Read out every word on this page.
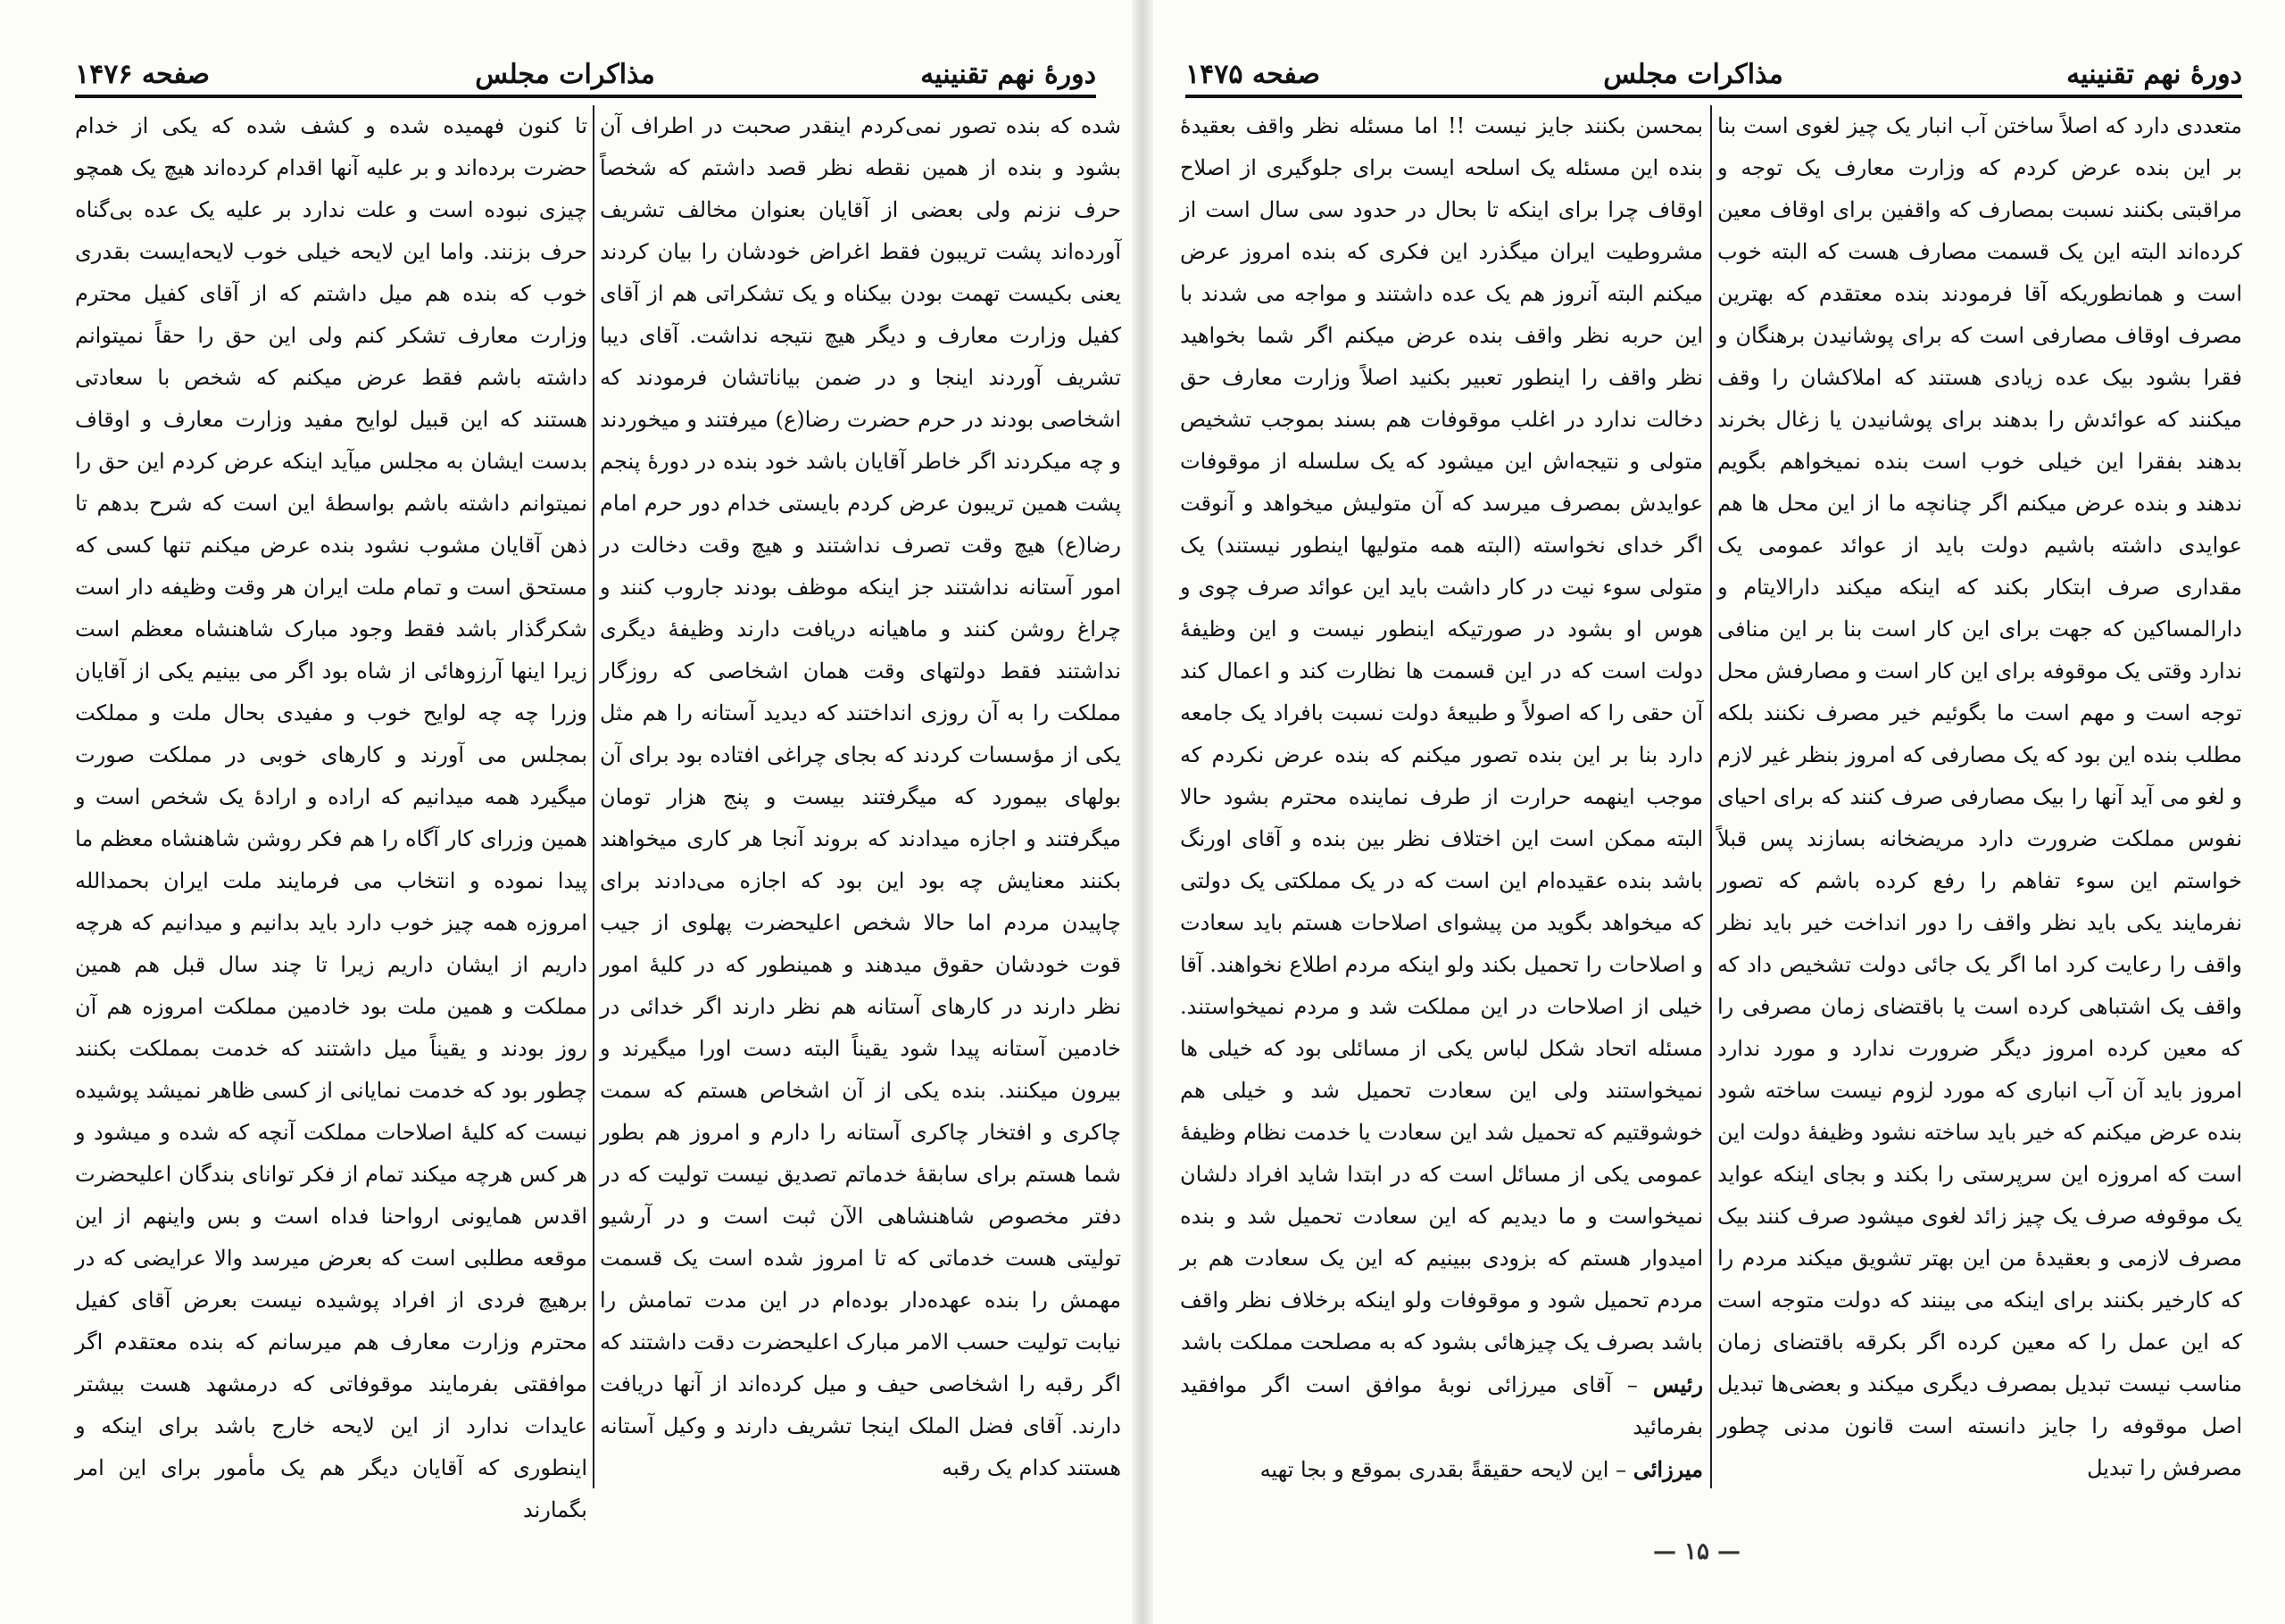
دورهٔ نهم تقنینیه
مذاکرات مجلس
صفحه ۱۴۷۶

شده که بنده تصور نمی‌کردم اینقدر صحبت در اطراف آن بشود و بنده از همین نقطه نظر قصد داشتم که شخصاً حرف نزنم ولی بعضی از آقایان بعنوان مخالف تشریف آورده‌اند پشت تریبون فقط اغراض خودشان را بیان کردند یعنی بکیست تهمت بودن بیکناه و یک تشکراتی هم از آقای کفیل وزارت معارف و دیگر هیچ نتیجه نداشت. آقای دیبا تشریف آوردند اینجا و در ضمن بیاناتشان فرمودند که اشخاصی بودند در حرم حضرت رضا(ع) میرفتند و میخوردند و چه میکردند اگر خاطر آقایان باشد خود بنده در دورهٔ پنجم پشت همین تریبون عرض کردم بایستی خدام دور حرم امام رضا(ع) هیچ وقت تصرف نداشتند و هیچ وقت دخالت در امور آستانه نداشتند جز اینکه موظف بودند جاروب کنند و چراغ روشن کنند و ماهیانه دریافت دارند وظیفهٔ دیگری نداشتند فقط دولتهای وقت همان اشخاصی که روزگار مملکت را به آن روزی انداختند که دیدید آستانه را هم مثل یکی از مؤسسات کردند که بجای چراغی افتاده بود برای آن بولهای بیمورد که میگرفتند بیست و پنج هزار تومان میگرفتند و اجازه میدادند که بروند آنجا هر کاری میخواهند بکنند معنایش چه بود این بود که اجازه می‌دادند برای چاپیدن مردم اما حالا شخص اعلیحضرت پهلوی از جیب قوت خودشان حقوق میدهند و همینطور که در کلیهٔ امور نظر دارند در کارهای آستانه هم نظر دارند اگر خدائی در خادمین آستانه پیدا شود یقیناً البته دست اورا میگیرند و بیرون میکنند. بنده یکی از آن اشخاص هستم که سمت چاکری و افتخار چاکری آستانه را دارم و امروز هم بطور شما هستم برای سابقهٔ خدماتم تصدیق نیست تولیت که در دفتر مخصوص شاهنشاهی الآن ثبت است و در آرشیو تولیتی هست خدماتی که تا امروز شده است یک قسمت مهمش را بنده عهده‌دار بوده‌ام در این مدت تمامش را نیابت تولیت حسب الامر مبارک اعلیحضرت دقت داشتند که اگر رقبه را اشخاصی حیف و میل کرده‌اند از آنها دریافت دارند. آقای فضل الملک اینجا تشریف دارند و وکیل آستانه هستند کدام یک رقبه

تا کنون فهمیده شده و کشف شده که یکی از خدام حضرت برده‌اند و بر علیه آنها اقدام کرده‌اند هیچ یک همچو چیزی نبوده است و علت ندارد بر علیه یک عده بی‌گناه حرف بزنند. واما این لایحه خیلی خوب لایحه‌ایست بقدری خوب که بنده هم میل داشتم که از آقای کفیل محترم وزارت معارف تشکر کنم ولی این حق را حقاً نمیتوانم داشته باشم فقط عرض میکنم که شخص با سعادتی هستند که این قبیل لوایح مفید وزارت معارف و اوقاف بدست ایشان به مجلس میآید اینکه عرض کردم این حق را نمیتوانم داشته باشم بواسطهٔ این است که شرح بدهم تا ذهن آقایان مشوب نشود بنده عرض میکنم تنها کسی که مستحق است و تمام ملت ایران هر وقت وظیفه دار است شکرگذار باشد فقط وجود مبارک شاهنشاه معظم است زیرا اینها آرزوهائی از شاه بود اگر می بینیم یکی از آقایان وزرا چه چه لوایح خوب و مفیدی بحال ملت و مملکت بمجلس می آورند و کارهای خوبی در مملکت صورت میگیرد همه میدانیم که اراده و ارادهٔ یک شخص است و همین وزرای کار آگاه را هم فکر روشن شاهنشاه معظم ما پیدا نموده و انتخاب می فرمایند ملت ایران بحمدالله امروزه همه چیز خوب دارد باید بدانیم و میدانیم که هرچه داریم از ایشان داریم زیرا تا چند سال قبل هم همین مملکت و همین ملت بود خادمین مملکت امروزه هم آن روز بودند و یقیناً میل داشتند که خدمت بمملکت بکنند چطور بود که خدمت نمایانی از کسی ظاهر نمیشد پوشیده نیست که کلیهٔ اصلاحات مملکت آنچه که شده و میشود و هر کس هرچه میکند تمام از فکر توانای بندگان اعلیحضرت اقدس همایونی ارواحنا فداه است و بس واینهم از این موقعه مطلبی است که بعرض میرسد والا عرایضی که در برهیچ فردی از افراد پوشیده نیست بعرض آقای کفیل محترم وزارت معارف هم میرسانم که بنده معتقدم اگر موافقتی بفرمایند موقوفاتی که درمشهد هست بیشتر عایدات ندارد از این لایحه خارج باشد برای اینکه و اینطوری که آقایان دیگر هم یک مأمور برای این امر بگمارند

دورهٔ نهم تقنینیه
مذاکرات مجلس
صفحه ۱۴۷۵

متعددی دارد که اصلاً ساختن آب انبار یک چیز لغوی است بنا بر این بنده عرض کردم که وزارت معارف یک توجه و مراقبتی بکنند نسبت بمصارف که واقفین برای اوقاف معین کرده‌اند البته این یک قسمت مصارف هست که البته خوب است و همانطوریکه آقا فرمودند بنده معتقدم که بهترین مصرف اوقاف مصارفی است که برای پوشانیدن برهنگان و فقرا بشود بیک عده زیادی هستند که املاکشان را وقف میکنند که عوائدش را بدهند برای پوشانیدن یا زغال بخرند بدهند بفقرا این خیلی خوب است بنده نمیخواهم بگویم ندهند و بنده عرض میکنم اگر چنانچه ما از این محل ها هم عوایدی داشته باشیم دولت باید از عوائد عمومی یک مقداری صرف ابتکار بکند که اینکه میکند دارالایتام و دارالمساکین که جهت برای این کار است بنا بر این منافی ندارد وقتی یک موقوفه برای این کار است و مصارفش محل توجه است و مهم است ما بگوئیم خیر مصرف نکنند بلکه مطلب بنده این بود که یک مصارفی که امروز بنظر غیر لازم و لغو می آید آنها را بیک مصارفی صرف کنند که برای احیای نفوس مملکت ضرورت دارد مریضخانه بسازند پس قبلاً خواستم این سوء تفاهم را رفع کرده باشم که تصور نفرمایند یکی باید نظر واقف را دور انداخت خیر باید نظر واقف را رعایت کرد اما اگر یک جائی دولت تشخیص داد که واقف یک اشتباهی کرده است یا باقتضای زمان مصرفی را که معین کرده امروز دیگر ضرورت ندارد و مورد ندارد امروز باید آن آب انباری که مورد لزوم نیست ساخته شود بنده عرض میکنم که خیر باید ساخته نشود وظیفهٔ دولت این است که امروزه این سرپرستی را بکند و بجای اینکه عواید یک موقوفه صرف یک چیز زائد لغوی میشود صرف کنند بیک مصرف لازمی و بعقیدهٔ من این بهتر تشویق میکند مردم را که کارخیر بکنند برای اینکه می بینند که دولت متوجه است که این عمل را که معین کرده اگر بکرقه باقتضای زمان مناسب نیست تبدیل بمصرف دیگری میکند و بعضی‌ها تبدیل اصل موقوفه را جایز دانسته است قانون مدنی چطور مصرفش را تبدیل

بمحسن بکنند جایز نیست !! اما مسئله نظر واقف بعقیدهٔ بنده این مسئله یک اسلحه ایست برای جلوگیری از اصلاح اوقاف چرا برای اینکه تا بحال در حدود سی سال است از مشروطیت ایران میگذرد این فکری که بنده امروز عرض میکنم البته آنروز هم یک عده داشتند و مواجه می شدند با این حربه نظر واقف بنده عرض میکنم اگر شما بخواهید نظر واقف را اینطور تعبیر بکنید اصلاً وزارت معارف حق دخالت ندارد در اغلب موقوفات هم بسند بموجب تشخیص متولی و نتیجه‌اش این میشود که یک سلسله از موقوفات عوایدش بمصرف میرسد که آن متولیش میخواهد و آنوقت اگر خدای نخواسته (البته همه متولیها اینطور نیستند) یک متولی سوء نیت در کار داشت باید این عوائد صرف چوی و هوس او بشود در صورتیکه اینطور نیست و این وظیفهٔ دولت است که در این قسمت ها نظارت کند و اعمال کند آن حقی را که اصولاً و طبیعهٔ دولت نسبت بافراد یک جامعه دارد بنا بر این بنده تصور میکنم که بنده عرض نکردم که موجب اینهمه حرارت از طرف نماینده محترم بشود حالا البته ممکن است این اختلاف نظر بین بنده و آقای اورنگ باشد بنده عقیده‌ام این است که در یک مملکتی یک دولتی که میخواهد بگوید من پیشوای اصلاحات هستم باید سعادت و اصلاحات را تحمیل بکند ولو اینکه مردم اطلاع نخواهند. آقا خیلی از اصلاحات در این مملکت شد و مردم نمیخواستند. مسئله اتحاد شکل لباس یکی از مسائلی بود که خیلی ها نمیخواستند ولی این سعادت تحمیل شد و خیلی هم خوشوقتیم که تحمیل شد این سعادت یا خدمت نظام وظیفهٔ عمومی یکی از مسائل است که در ابتدا شاید افراد دلشان نمیخواست و ما دیدیم که این سعادت تحمیل شد و بنده امیدوار هستم که بزودی ببینیم که این یک سعادت هم بر مردم تحمیل شود و موقوفات ولو اینکه برخلاف نظر واقف باشد بصرف یک چیزهائی بشود که به مصلحت مملکت باشد

رئیس – آقای میرزائی نوبهٔ موافق است اگر موافقید بفرمائید

میرزائی – این لایحه حقیقةً بقدری بموقع و بجا تهیه

— ۱۵ —
